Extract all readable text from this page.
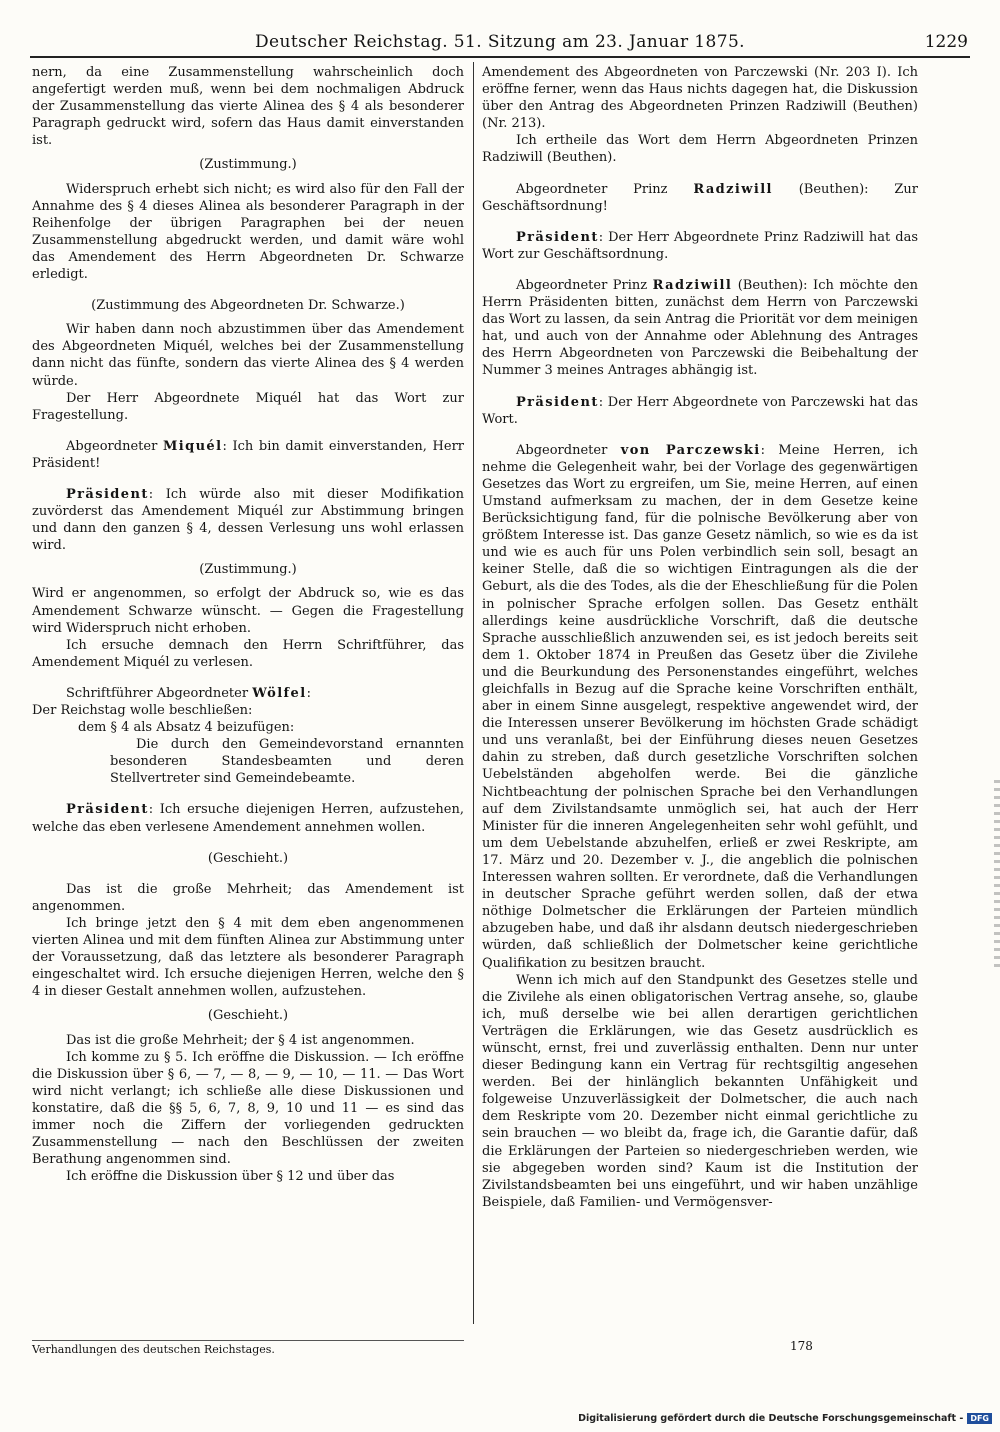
Deutscher Reichstag. 51. Sitzung am 23. Januar 1875.	1229

nern, da eine Zusammenstellung wahrscheinlich doch angefertigt werden muß, wenn bei dem nochmaligen Abdruck der Zusammenstellung das vierte Alinea des § 4 als besonderer Paragraph gedruckt wird, sofern das Haus damit einverstanden ist.

(Zustimmung.)

Widerspruch erhebt sich nicht; es wird also für den Fall der Annahme des § 4 dieses Alinea als besonderer Paragraph in der Reihenfolge der übrigen Paragraphen bei der neuen Zusammenstellung abgedruckt werden, und damit wäre wohl das Amendement des Herrn Abgeordneten Dr. Schwarze erledigt.

(Zustimmung des Abgeordneten Dr. Schwarze.)

Wir haben dann noch abzustimmen über das Amendement des Abgeordneten Miquél, welches bei der Zusammenstellung dann nicht das fünfte, sondern das vierte Alinea des § 4 werden würde.

Der Herr Abgeordnete Miquél hat das Wort zur Fragestellung.

Abgeordneter Miquél: Ich bin damit einverstanden, Herr Präsident!

Präsident: Ich würde also mit dieser Modifikation zuvörderst das Amendement Miquél zur Abstimmung bringen und dann den ganzen § 4, dessen Verlesung uns wohl erlassen wird.

(Zustimmung.)

Wird er angenommen, so erfolgt der Abdruck so, wie es das Amendement Schwarze wünscht. — Gegen die Fragestellung wird Widerspruch nicht erhoben.

Ich ersuche demnach den Herrn Schriftführer, das Amendement Miquél zu verlesen.

Schriftführer Abgeordneter Wölfel:

Der Reichstag wolle beschließen:

dem § 4 als Absatz 4 beizufügen:

Die durch den Gemeindevorstand ernannten besonderen Standesbeamten und deren Stellvertreter sind Gemeindebeamte.

Präsident: Ich ersuche diejenigen Herren, aufzustehen, welche das eben verlesene Amendement annehmen wollen.

(Geschieht.)

Das ist die große Mehrheit; das Amendement ist angenommen.

Ich bringe jetzt den § 4 mit dem eben angenommenen vierten Alinea und mit dem fünften Alinea zur Abstimmung unter der Voraussetzung, daß das letztere als besonderer Paragraph eingeschaltet wird. Ich ersuche diejenigen Herren, welche den § 4 in dieser Gestalt annehmen wollen, aufzustehen.

(Geschieht.)

Das ist die große Mehrheit; der § 4 ist angenommen.

Ich komme zu § 5. Ich eröffne die Diskussion. — Ich eröffne die Diskussion über § 6, — 7, — 8, — 9, — 10, — 11. — Das Wort wird nicht verlangt; ich schließe alle diese Diskussionen und konstatire, daß die §§ 5, 6, 7, 8, 9, 10 und 11 — es sind das immer noch die Ziffern der vorliegenden gedruckten Zusammenstellung — nach den Beschlüssen der zweiten Berathung angenommen sind.

Ich eröffne die Diskussion über § 12 und über das

Amendement des Abgeordneten von Parczewski (Nr. 203 I). Ich eröffne ferner, wenn das Haus nichts dagegen hat, die Diskussion über den Antrag des Abgeordneten Prinzen Radziwill (Beuthen) (Nr. 213).

Ich ertheile das Wort dem Herrn Abgeordneten Prinzen Radziwill (Beuthen).

Abgeordneter Prinz Radziwill (Beuthen): Zur Geschäftsordnung!

Präsident: Der Herr Abgeordnete Prinz Radziwill hat das Wort zur Geschäftsordnung.

Abgeordneter Prinz Radziwill (Beuthen): Ich möchte den Herrn Präsidenten bitten, zunächst dem Herrn von Parczewski das Wort zu lassen, da sein Antrag die Priorität vor dem meinigen hat, und auch von der Annahme oder Ablehnung des Antrages des Herrn Abgeordneten von Parczewski die Beibehaltung der Nummer 3 meines Antrages abhängig ist.

Präsident: Der Herr Abgeordnete von Parczewski hat das Wort.

Abgeordneter von Parczewski: Meine Herren, ich nehme die Gelegenheit wahr, bei der Vorlage des gegenwärtigen Gesetzes das Wort zu ergreifen, um Sie, meine Herren, auf einen Umstand aufmerksam zu machen, der in dem Gesetze keine Berücksichtigung fand, für die polnische Bevölkerung aber von größtem Interesse ist. Das ganze Gesetz nämlich, so wie es da ist und wie es auch für uns Polen verbindlich sein soll, besagt an keiner Stelle, daß die so wichtigen Eintragungen als die der Geburt, als die des Todes, als die der Eheschließung für die Polen in polnischer Sprache erfolgen sollen. Das Gesetz enthält allerdings keine ausdrückliche Vorschrift, daß die deutsche Sprache ausschließlich anzuwenden sei, es ist jedoch bereits seit dem 1. Oktober 1874 in Preußen das Gesetz über die Zivilehe und die Beurkundung des Personenstandes eingeführt, welches gleichfalls in Bezug auf die Sprache keine Vorschriften enthält, aber in einem Sinne ausgelegt, respektive angewendet wird, der die Interessen unserer Bevölkerung im höchsten Grade schädigt und uns veranlaßt, bei der Einführung dieses neuen Gesetzes dahin zu streben, daß durch gesetzliche Vorschriften solchen Uebelständen abgeholfen werde. Bei die gänzliche Nichtbeachtung der polnischen Sprache bei den Verhandlungen auf dem Zivilstandsamte unmöglich sei, hat auch der Herr Minister für die inneren Angelegenheiten sehr wohl gefühlt, und um dem Uebelstande abzuhelfen, erließ er zwei Reskripte, am 17. März und 20. Dezember v. J., die angeblich die polnischen Interessen wahren sollten. Er verordnete, daß die Verhandlungen in deutscher Sprache geführt werden sollen, daß der etwa nöthige Dolmetscher die Erklärungen der Parteien mündlich abzugeben habe, und daß ihr alsdann deutsch niedergeschrieben würden, daß schließlich der Dolmetscher keine gerichtliche Qualifikation zu besitzen braucht.

Wenn ich mich auf den Standpunkt des Gesetzes stelle und die Zivilehe als einen obligatorischen Vertrag ansehe, so, glaube ich, muß derselbe wie bei allen derartigen gerichtlichen Verträgen die Erklärungen, wie das Gesetz ausdrücklich es wünscht, ernst, frei und zuverlässig enthalten. Denn nur unter dieser Bedingung kann ein Vertrag für rechtsgiltig angesehen werden. Bei der hinlänglich bekannten Unfähigkeit und folgeweise Unzuverlässigkeit der Dolmetscher, die auch nach dem Reskripte vom 20. Dezember nicht einmal gerichtliche zu sein brauchen — wo bleibt da, frage ich, die Garantie dafür, daß die Erklärungen der Parteien so niedergeschrieben werden, wie sie abgegeben worden sind? Kaum ist die Institution der Zivilstandsbeamten bei uns eingeführt, und wir haben unzählige Beispiele, daß Familien- und Vermögensver-

Verhandlungen des deutschen Reichstages.	178
Digitalisierung gefördert durch die Deutsche Forschungsgemeinschaft - DFG
